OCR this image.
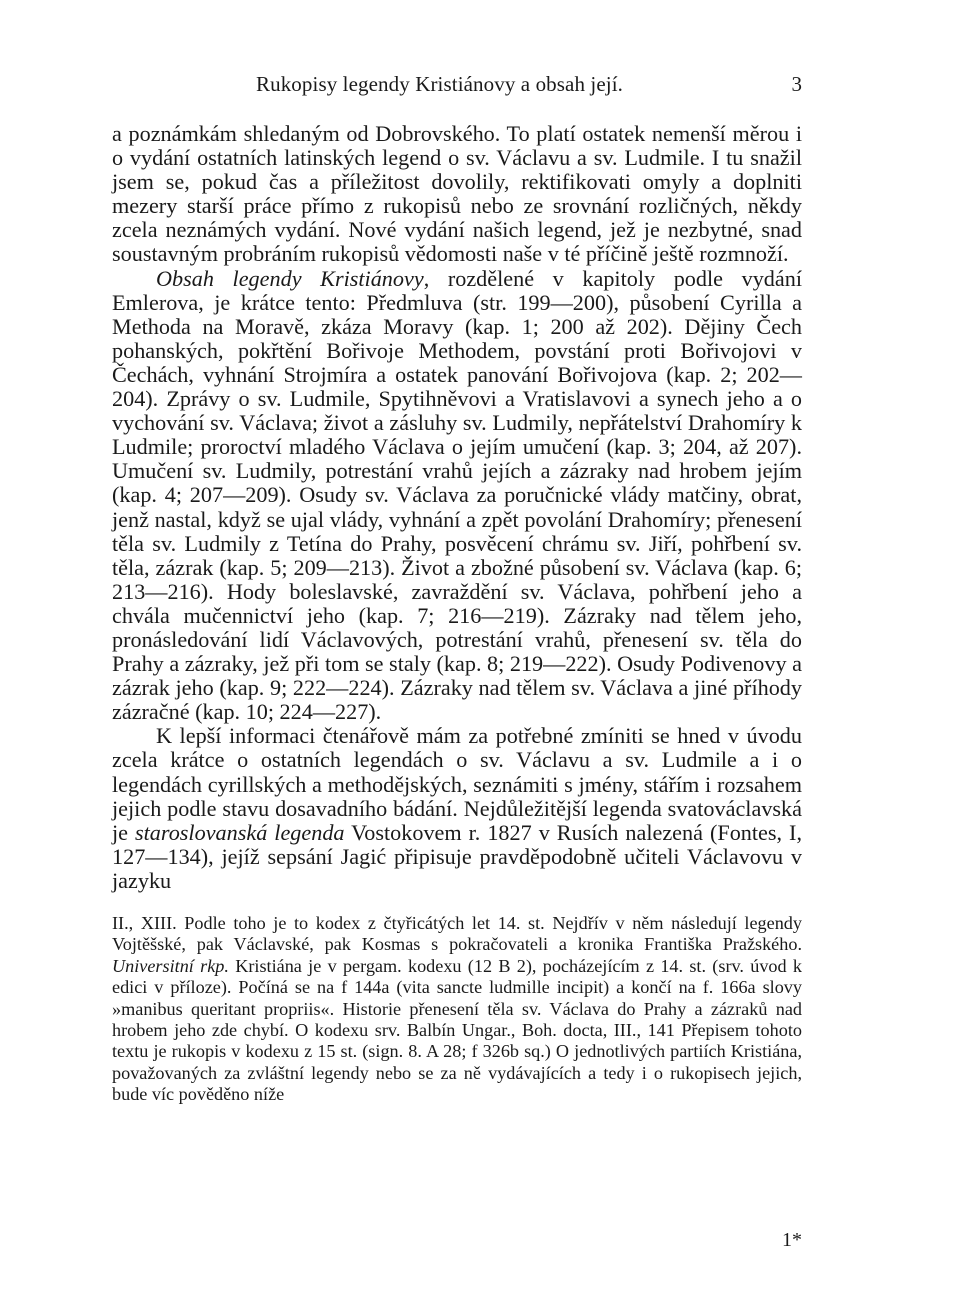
Rukopisy legendy Kristiánovy a obsah její.	3

a poznámkám shledaným od Dobrovského. To platí ostatek nemenší měrou i o vydání ostatních latinských legend o sv. Václavu a sv. Ludmile. I tu snažil jsem se, pokud čas a příležitost dovolily, rektifikovati omyly a doplniti mezery starší práce přímo z rukopisů nebo ze srovnání rozličných, někdy zcela neznámých vydání. Nové vydání našich legend, jež je nezbytné, snad soustavným probráním rukopisů vědomosti naše v té příčině ještě rozmnoží.

Obsah legendy Kristiánovy, rozdělené v kapitoly podle vydání Emlerova, je krátce tento: Předmluva (str. 199—200), působení Cyrilla a Methoda na Moravě, zkáza Moravy (kap. 1; 200 až 202). Dějiny Čech pohanských, pokřtění Bořivoje Methodem, povstání proti Bořivojovi v Čechách, vyhnání Strojmíra a ostatek panování Bořivojova (kap. 2; 202—204). Zprávy o sv. Ludmile, Spytihněvovi a Vratislavovi a synech jeho a o vychování sv. Václava; život a zásluhy sv. Ludmily, nepřátelství Drahomíry k Ludmile; proroctví mladého Václava o jejím umučení (kap. 3; 204, až 207). Umučení sv. Ludmily, potrestání vrahů jejích a zázraky nad hrobem jejím (kap. 4; 207—209). Osudy sv. Václava za poručnické vlády matčiny, obrat, jenž nastal, když se ujal vlády, vyhnání a zpět povolání Drahomíry; přenesení těla sv. Ludmily z Tetína do Prahy, posvěcení chrámu sv. Jiří, pohřbení sv. těla, zázrak (kap. 5; 209—213). Život a zbožné působení sv. Václava (kap. 6; 213—216). Hody boleslavské, zavraždění sv. Václava, pohřbení jeho a chvála mučennictví jeho (kap. 7; 216—219). Zázraky nad tělem jeho, pronásledování lidí Václavových, potrestání vrahů, přenesení sv. těla do Prahy a zázraky, jež při tom se staly (kap. 8; 219—222). Osudy Podivenovy a zázrak jeho (kap. 9; 222—224). Zázraky nad tělem sv. Václava a jiné příhody zázračné (kap. 10; 224—227).

K lepší informaci čtenářově mám za potřebné zmíniti se hned v úvodu zcela krátce o ostatních legendách o sv. Václavu a sv. Ludmile a i o legendách cyrillských a methodějských, seznámiti s jmény, stářím i rozsahem jejich podle stavu dosavadního bádání. Nejdůležitější legenda svatováclavská je staroslovanská legenda Vostokovem r. 1827 v Rusích nalezená (Fontes, I, 127—134), jejíž sepsání Jagić připisuje pravděpodobně učiteli Václavovu v jazyku

II., XIII. Podle toho je to kodex z čtyřicátých let 14. st. Nejdřív v něm následují legendy Vojtěšské, pak Václavské, pak Kosmas s pokračovateli a kronika Františka Pražského. Universitní rkp. Kristiána je v pergam. kodexu (12 B 2), pocházejícím z 14. st. (srv. úvod k edici v příloze). Počíná se na f 144a (vita sancte ludmille incipit) a končí na f. 166a slovy »manibus queritant propriis«. Historie přenesení těla sv. Václava do Prahy a zázraků nad hrobem jeho zde chybí. O kodexu srv. Balbín Ungar., Boh. docta, III., 141 Přepisem tohoto textu je rukopis v kodexu z 15 st. (sign. 8. A 28; f 326b sq.) O jednotlivých partiích Kristiána, považovaných za zvláštní legendy nebo se za ně vydávajících a tedy i o rukopisech jejich, bude víc pověděno níže

1*
